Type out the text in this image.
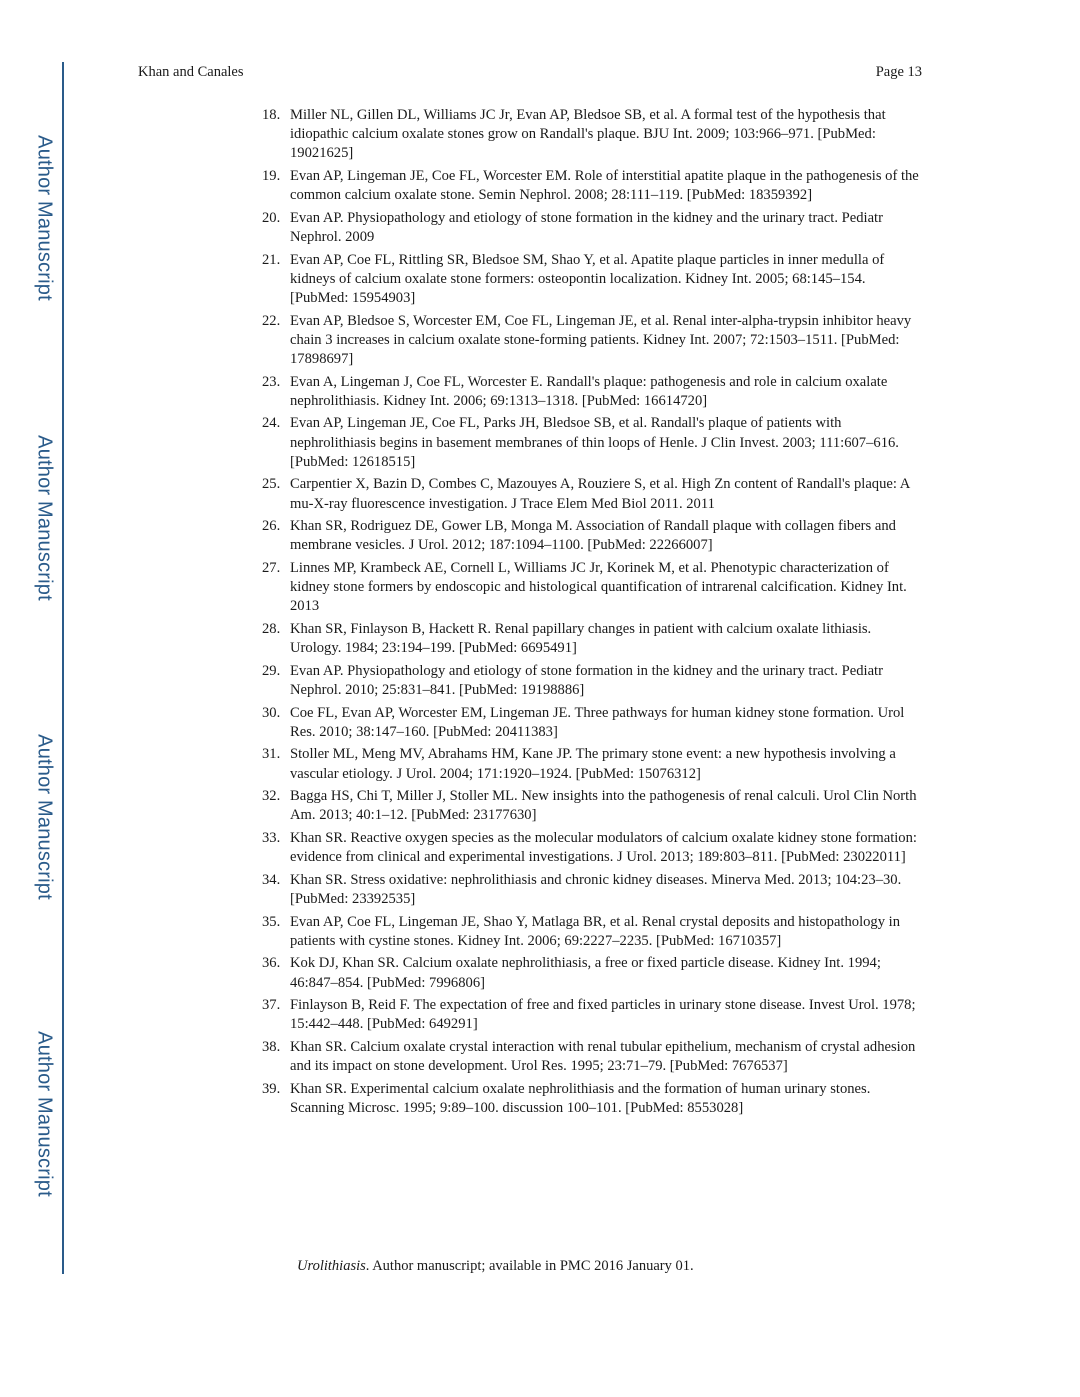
Author Manuscript
Author Manuscript
Author Manuscript
Author Manuscript
Khan and Canales	Page 13
18. Miller NL, Gillen DL, Williams JC Jr, Evan AP, Bledsoe SB, et al. A formal test of the hypothesis that idiopathic calcium oxalate stones grow on Randall's plaque. BJU Int. 2009; 103:966–971. [PubMed: 19021625]
19. Evan AP, Lingeman JE, Coe FL, Worcester EM. Role of interstitial apatite plaque in the pathogenesis of the common calcium oxalate stone. Semin Nephrol. 2008; 28:111–119. [PubMed: 18359392]
20. Evan AP. Physiopathology and etiology of stone formation in the kidney and the urinary tract. Pediatr Nephrol. 2009
21. Evan AP, Coe FL, Rittling SR, Bledsoe SM, Shao Y, et al. Apatite plaque particles in inner medulla of kidneys of calcium oxalate stone formers: osteopontin localization. Kidney Int. 2005; 68:145–154. [PubMed: 15954903]
22. Evan AP, Bledsoe S, Worcester EM, Coe FL, Lingeman JE, et al. Renal inter-alpha-trypsin inhibitor heavy chain 3 increases in calcium oxalate stone-forming patients. Kidney Int. 2007; 72:1503–1511. [PubMed: 17898697]
23. Evan A, Lingeman J, Coe FL, Worcester E. Randall's plaque: pathogenesis and role in calcium oxalate nephrolithiasis. Kidney Int. 2006; 69:1313–1318. [PubMed: 16614720]
24. Evan AP, Lingeman JE, Coe FL, Parks JH, Bledsoe SB, et al. Randall's plaque of patients with nephrolithiasis begins in basement membranes of thin loops of Henle. J Clin Invest. 2003; 111:607–616. [PubMed: 12618515]
25. Carpentier X, Bazin D, Combes C, Mazouyes A, Rouziere S, et al. High Zn content of Randall's plaque: A mu-X-ray fluorescence investigation. J Trace Elem Med Biol 2011. 2011
26. Khan SR, Rodriguez DE, Gower LB, Monga M. Association of Randall plaque with collagen fibers and membrane vesicles. J Urol. 2012; 187:1094–1100. [PubMed: 22266007]
27. Linnes MP, Krambeck AE, Cornell L, Williams JC Jr, Korinek M, et al. Phenotypic characterization of kidney stone formers by endoscopic and histological quantification of intrarenal calcification. Kidney Int. 2013
28. Khan SR, Finlayson B, Hackett R. Renal papillary changes in patient with calcium oxalate lithiasis. Urology. 1984; 23:194–199. [PubMed: 6695491]
29. Evan AP. Physiopathology and etiology of stone formation in the kidney and the urinary tract. Pediatr Nephrol. 2010; 25:831–841. [PubMed: 19198886]
30. Coe FL, Evan AP, Worcester EM, Lingeman JE. Three pathways for human kidney stone formation. Urol Res. 2010; 38:147–160. [PubMed: 20411383]
31. Stoller ML, Meng MV, Abrahams HM, Kane JP. The primary stone event: a new hypothesis involving a vascular etiology. J Urol. 2004; 171:1920–1924. [PubMed: 15076312]
32. Bagga HS, Chi T, Miller J, Stoller ML. New insights into the pathogenesis of renal calculi. Urol Clin North Am. 2013; 40:1–12. [PubMed: 23177630]
33. Khan SR. Reactive oxygen species as the molecular modulators of calcium oxalate kidney stone formation: evidence from clinical and experimental investigations. J Urol. 2013; 189:803–811. [PubMed: 23022011]
34. Khan SR. Stress oxidative: nephrolithiasis and chronic kidney diseases. Minerva Med. 2013; 104:23–30. [PubMed: 23392535]
35. Evan AP, Coe FL, Lingeman JE, Shao Y, Matlaga BR, et al. Renal crystal deposits and histopathology in patients with cystine stones. Kidney Int. 2006; 69:2227–2235. [PubMed: 16710357]
36. Kok DJ, Khan SR. Calcium oxalate nephrolithiasis, a free or fixed particle disease. Kidney Int. 1994; 46:847–854. [PubMed: 7996806]
37. Finlayson B, Reid F. The expectation of free and fixed particles in urinary stone disease. Invest Urol. 1978; 15:442–448. [PubMed: 649291]
38. Khan SR. Calcium oxalate crystal interaction with renal tubular epithelium, mechanism of crystal adhesion and its impact on stone development. Urol Res. 1995; 23:71–79. [PubMed: 7676537]
39. Khan SR. Experimental calcium oxalate nephrolithiasis and the formation of human urinary stones. Scanning Microsc. 1995; 9:89–100. discussion 100–101. [PubMed: 8553028]
Urolithiasis. Author manuscript; available in PMC 2016 January 01.
